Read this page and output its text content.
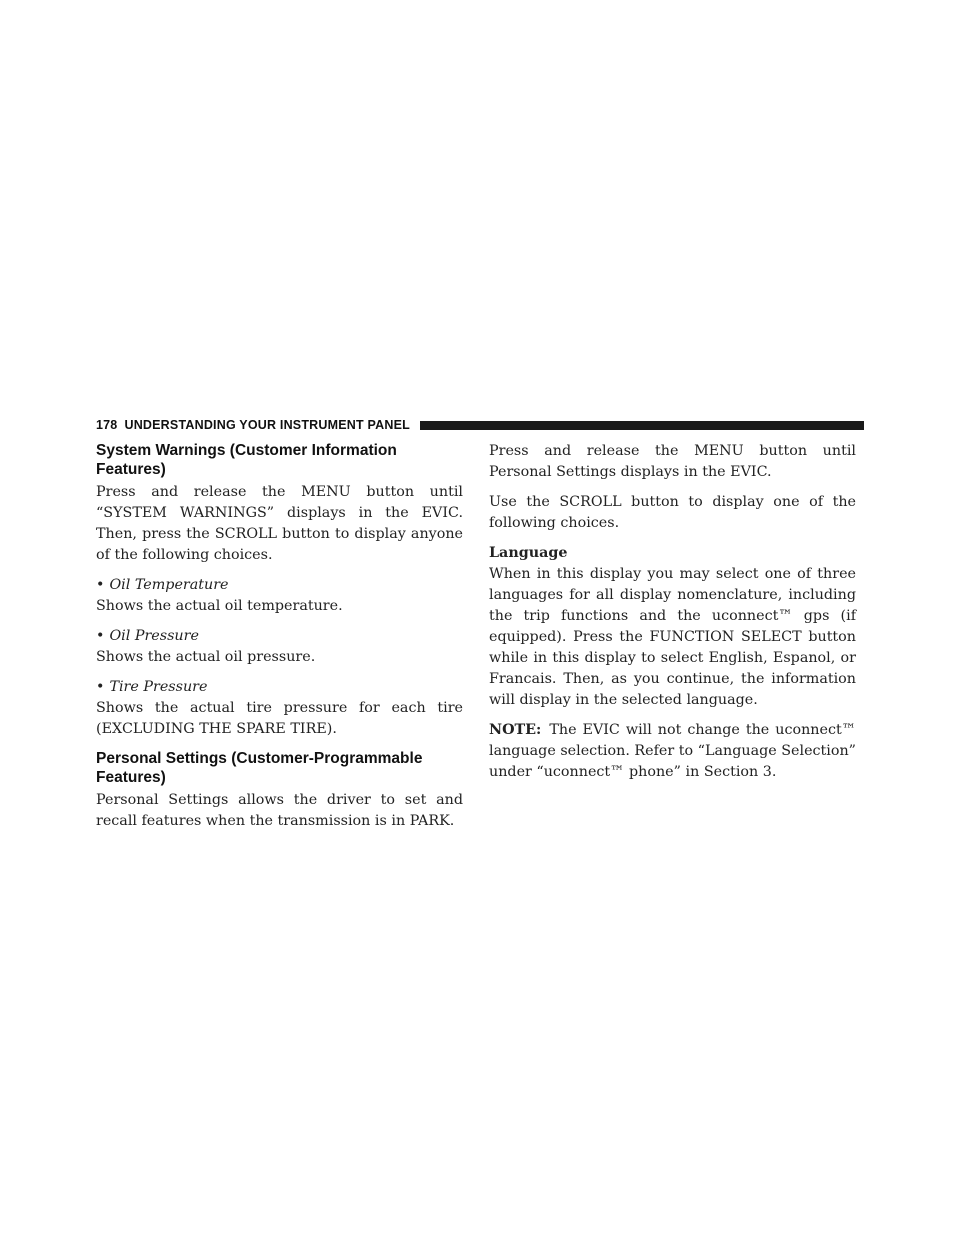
178 UNDERSTANDING YOUR INSTRUMENT PANEL
System Warnings (Customer Information Features)

Press and release the MENU button until “SYSTEM WARNINGS” displays in the EVIC. Then, press the SCROLL button to display anyone of the following choices.

• Oil Temperature

Shows the actual oil temperature.

• Oil Pressure

Shows the actual oil pressure.

• Tire Pressure

Shows the actual tire pressure for each tire (EXCLUDING THE SPARE TIRE).

Personal Settings (Customer-Programmable Features)

Personal Settings allows the driver to set and recall features when the transmission is in PARK.

Press and release the MENU button until Personal Settings displays in the EVIC.

Use the SCROLL button to display one of the following choices.

Language

When in this display you may select one of three languages for all display nomenclature, including the trip functions and the uconnect™ gps (if equipped). Press the FUNCTION SELECT button while in this display to select English, Espanol, or Francais. Then, as you continue, the information will display in the selected language.

NOTE: The EVIC will not change the uconnect™ language selection. Refer to “Language Selection” under “uconnect™ phone” in Section 3.
